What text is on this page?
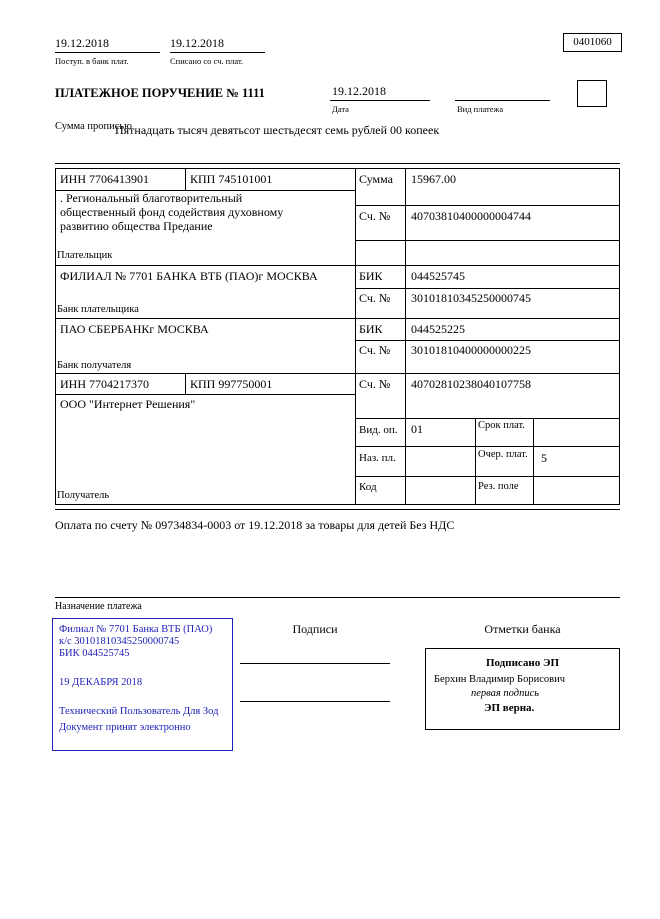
19.12.2018
Поступ. в банк плат.
19.12.2018
Списано со сч. плат.
0401060
ПЛАТЕЖНОЕ ПОРУЧЕНИЕ № 1111	19.12.2018
Дата	Вид платежа
Сумма прописью
Пятнадцать тысяч девятьсот шестьдесят семь рублей 00 копеек
ИНН 7706413901	КПП 745101001	Сумма 15967.00
. Региональный благотворительный общественный фонд содействия духовному развитию общества Предание
Сч. № 40703810400000004744
Плательщик
ФИЛИАЛ № 7701 БАНКА ВТБ (ПАО)г МОСКВА	БИК 044525745
Сч. № 30101810345250000745
Банк плательщика
ПАО СБЕРБАНКг МОСКВА	БИК 044525225
Сч. № 30101810400000000225
Банк получателя
ИНН 7704217370	КПП 997750001	Сч. № 40702810238040107758
ООО "Интернет Решения"
Вид. оп. 01	Срок плат.
Наз. пл.	Очер. плат. 5
Код	Рез. поле
Получатель
Оплата по счету № 09734834-0003 от 19.12.2018 за товары для детей Без НДС
Назначение платежа
Филиал № 7701 Банка ВТБ (ПАО)
к/с 30101810345250000745
БИК 044525745
19 ДЕКАБРЯ 2018
Технический Пользователь Для Зод
Документ принят электронно
Подписи	Отметки банка
Подписано ЭП
Берхин Владимир Борисович
первая подпись
ЭП верна.
